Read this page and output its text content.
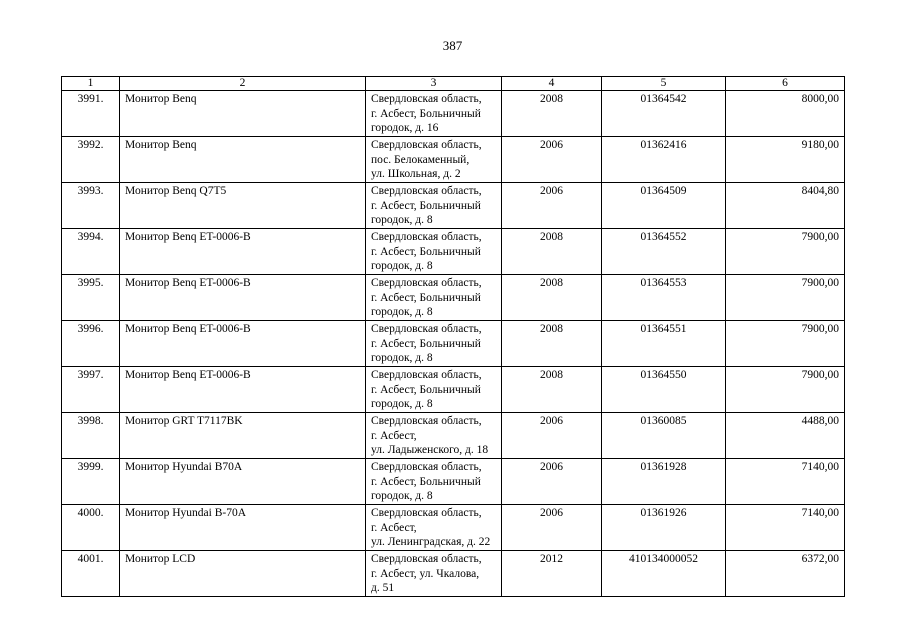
387
1	2	3	4	5	6
3991.	Монитор Benq	Свердловская область,
г. Асбест, Больничный
городок, д. 16	2008	01364542	8000,00
3992.	Монитор Benq	Свердловская область,
пос. Белокаменный,
ул. Школьная, д. 2	2006	01362416	9180,00
3993.	Монитор Benq Q7T5	Свердловская область,
г. Асбест, Больничный
городок, д. 8	2006	01364509	8404,80
3994.	Монитор Benq ET-0006-B	Свердловская область,
г. Асбест, Больничный
городок, д. 8	2008	01364552	7900,00
3995.	Монитор Benq ET-0006-B	Свердловская область,
г. Асбест, Больничный
городок, д. 8	2008	01364553	7900,00
3996.	Монитор Benq ET-0006-B	Свердловская область,
г. Асбест, Больничный
городок, д. 8	2008	01364551	7900,00
3997.	Монитор Benq ET-0006-B	Свердловская область,
г. Асбест, Больничный
городок, д. 8	2008	01364550	7900,00
3998.	Монитор GRT T7117BK	Свердловская область,
г. Асбест,
ул. Ладыженского, д. 18	2006	01360085	4488,00
3999.	Монитор Hyundai B70A	Свердловская область,
г. Асбест, Больничный
городок, д. 8	2006	01361928	7140,00
4000.	Монитор Hyundai B-70A	Свердловская область,
г. Асбест,
ул. Ленинградская, д. 22	2006	01361926	7140,00
4001.	Монитор LCD	Свердловская область,
г. Асбест, ул. Чкалова,
д. 51	2012	410134000052	6372,00
